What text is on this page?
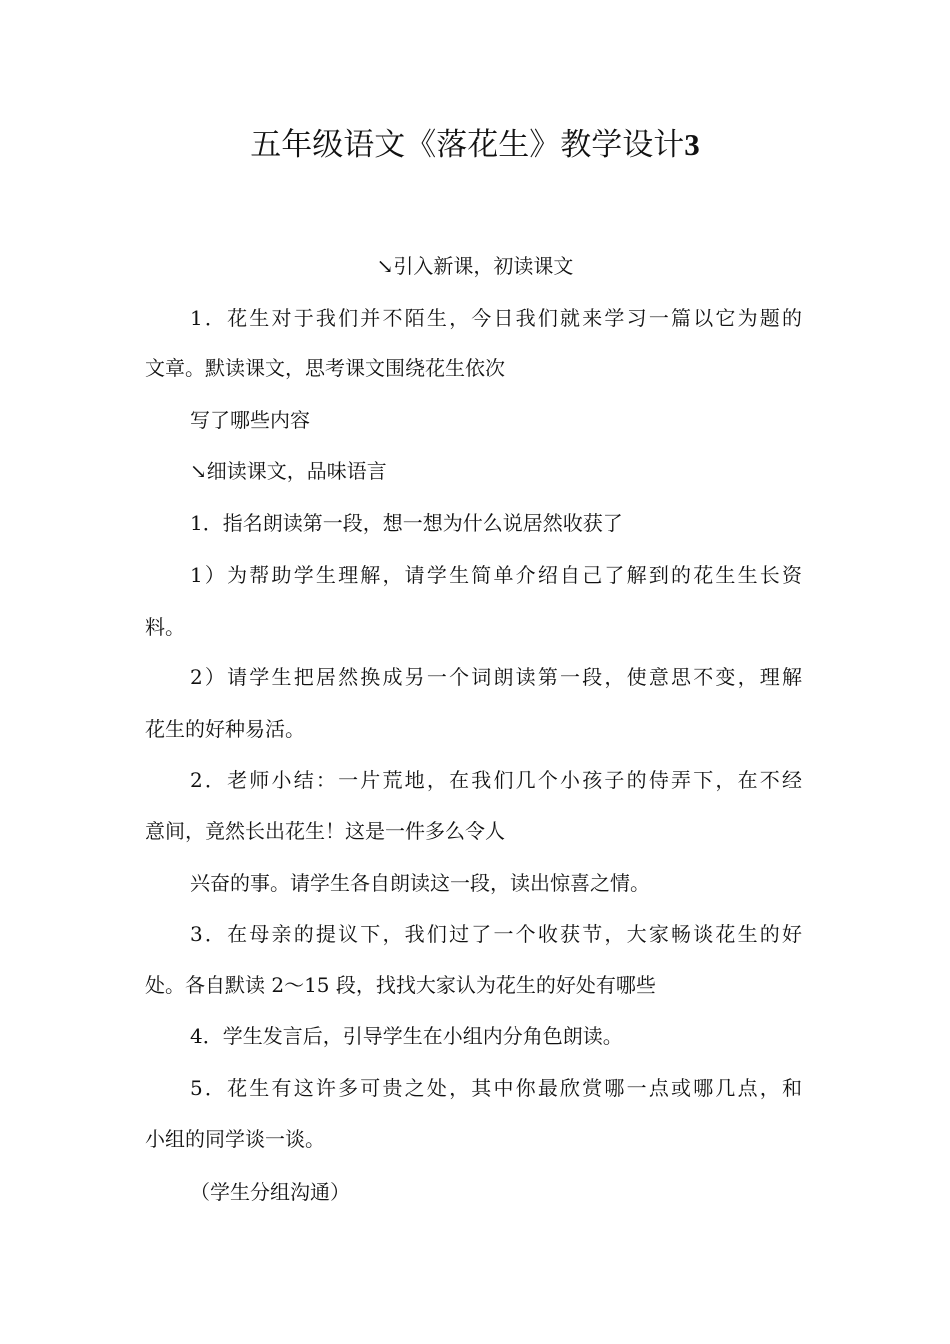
五年级语文《落花生》教学设计3
↘引入新课，初读课文
1．花生对于我们并不陌生，今日我们就来学习一篇以它为题的
文章。默读课文，思考课文围绕花生依次
写了哪些内容
↘细读课文，品味语言
1．指名朗读第一段，想一想为什么说居然收获了
1）为帮助学生理解，请学生简单介绍自己了解到的花生生长资
料。
2）请学生把居然换成另一个词朗读第一段，使意思不变，理解
花生的好种易活。
2．老师小结：一片荒地，在我们几个小孩子的侍弄下，在不经
意间，竟然长出花生！这是一件多么令人
兴奋的事。请学生各自朗读这一段，读出惊喜之情。
3．在母亲的提议下，我们过了一个收获节，大家畅谈花生的好
处。各自默读 2～15 段，找找大家认为花生的好处有哪些
4．学生发言后，引导学生在小组内分角色朗读。
5．花生有这许多可贵之处，其中你最欣赏哪一点或哪几点，和
小组的同学谈一谈。
（学生分组沟通）
